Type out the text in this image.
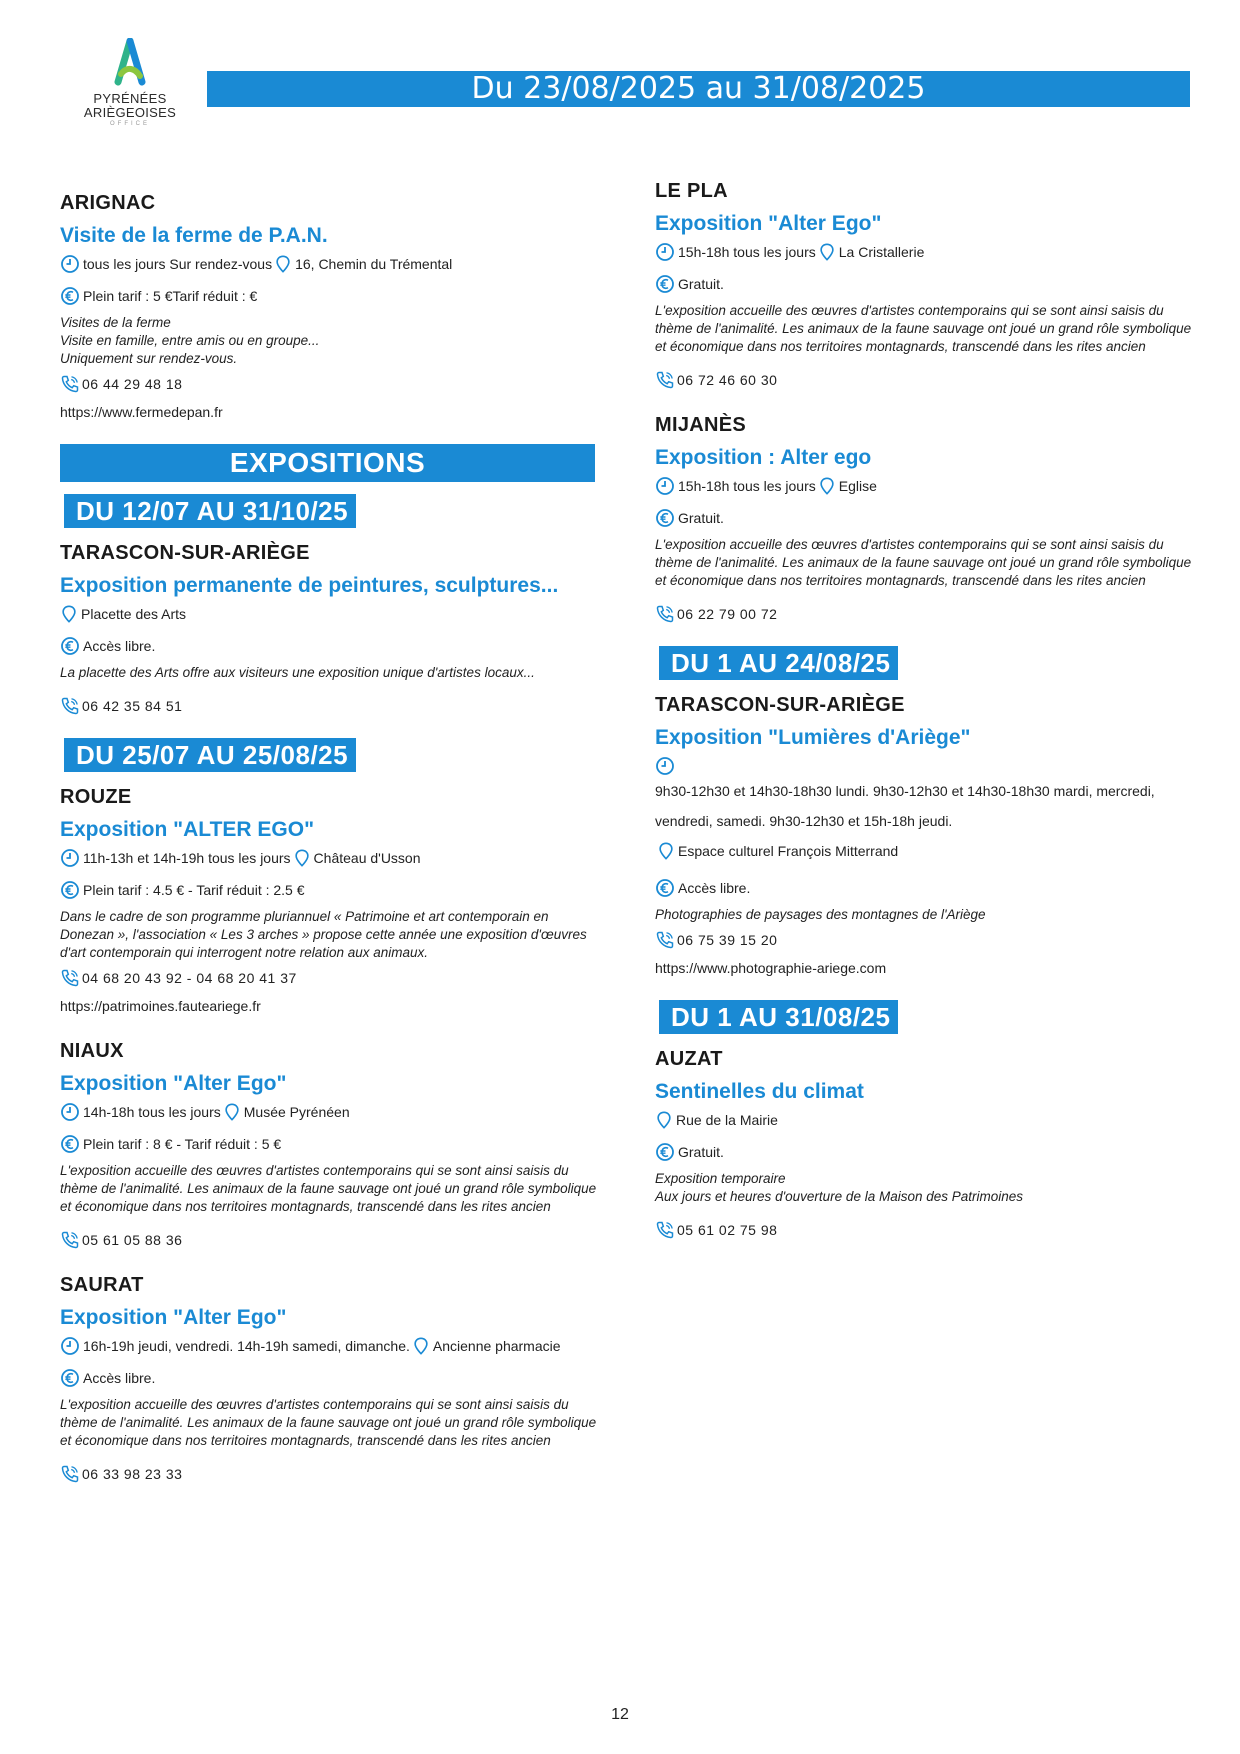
PYRÉNÉES
ARIÈGEOISES
OFFICE
Du 23/08/2025 au 31/08/2025
ARIGNAC
Visite de la ferme de P.A.N.
tous les jours Sur rendez-vous 16, Chemin du Trémental
Plein tarif : 5 €Tarif réduit : €
Visites de la ferme
Visite en famille, entre amis ou en groupe...
Uniquement sur rendez-vous.
06 44 29 48 18
https://www.fermedepan.fr
EXPOSITIONS
DU 12/07 AU 31/10/25
TARASCON-SUR-ARIÈGE
Exposition permanente de peintures, sculptures...
Placette des Arts
Accès libre.
La placette des Arts offre aux visiteurs une exposition unique d'artistes locaux...
06 42 35 84 51
DU 25/07 AU 25/08/25
ROUZE
Exposition "ALTER EGO"
11h-13h et 14h-19h tous les jours Château d'Usson
Plein tarif : 4.5 € - Tarif réduit : 2.5 €
Dans le cadre de son programme pluriannuel « Patrimoine et art contemporain en Donezan », l'association « Les 3 arches » propose cette année une exposition d'œuvres d'art contemporain qui interrogent notre relation aux animaux.
04 68 20 43 92 - 04 68 20 41 37
https://patrimoines.fauteariege.fr
NIAUX
Exposition "Alter Ego"
14h-18h tous les jours Musée Pyrénéen
Plein tarif : 8 € - Tarif réduit : 5 €
L'exposition accueille des œuvres d'artistes contemporains qui se sont ainsi saisis du thème de l'animalité. Les animaux de la faune sauvage ont joué un grand rôle symbolique et économique dans nos territoires montagnards, transcendé dans les rites ancien
05 61 05 88 36
SAURAT
Exposition "Alter Ego"
16h-19h jeudi, vendredi. 14h-19h samedi, dimanche. Ancienne pharmacie
Accès libre.
L'exposition accueille des œuvres d'artistes contemporains qui se sont ainsi saisis du thème de l'animalité. Les animaux de la faune sauvage ont joué un grand rôle symbolique et économique dans nos territoires montagnards, transcendé dans les rites ancien
06 33 98 23 33
LE PLA
Exposition "Alter Ego"
15h-18h tous les jours La Cristallerie
Gratuit.
L'exposition accueille des œuvres d'artistes contemporains qui se sont ainsi saisis du thème de l'animalité. Les animaux de la faune sauvage ont joué un grand rôle symbolique et économique dans nos territoires montagnards, transcendé dans les rites ancien
06 72 46 60 30
MIJANÈS
Exposition : Alter ego
15h-18h tous les jours Eglise
Gratuit.
L'exposition accueille des œuvres d'artistes contemporains qui se sont ainsi saisis du thème de l'animalité. Les animaux de la faune sauvage ont joué un grand rôle symbolique et économique dans nos territoires montagnards, transcendé dans les rites ancien
06 22 79 00 72
DU 1 AU 24/08/25
TARASCON-SUR-ARIÈGE
Exposition "Lumières d'Ariège"
9h30-12h30 et 14h30-18h30 lundi. 9h30-12h30 et 14h30-18h30 mardi, mercredi, vendredi, samedi. 9h30-12h30 et 15h-18h jeudi.
Espace culturel François Mitterrand
Accès libre.
Photographies de paysages des montagnes de l'Ariège
06 75 39 15 20
https://www.photographie-ariege.com
DU 1 AU 31/08/25
AUZAT
Sentinelles du climat
Rue de la Mairie
Gratuit.
Exposition temporaire
Aux jours et heures d'ouverture de la Maison des Patrimoines
05 61 02 75 98
12
